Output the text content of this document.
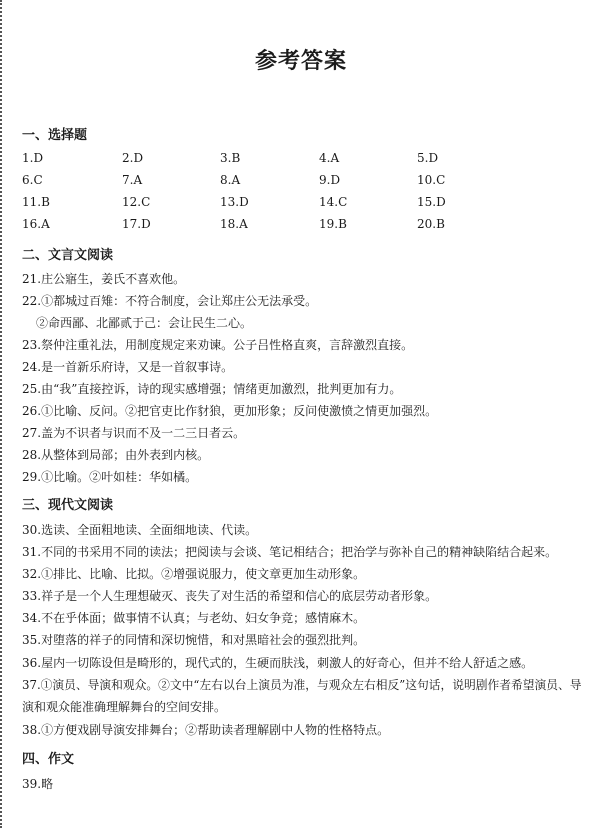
参考答案
一、选择题
1.D	2.D	3.B	4.A	5.D
6.C	7.A	8.A	9.D	10.C
11.B	12.C	13.D	14.C	15.D
16.A	17.D	18.A	19.B	20.B
二、文言文阅读
21.庄公寤生，姜氏不喜欢他。
22.①都城过百雉：不符合制度，会让郑庄公无法承受。
②命西鄙、北鄙贰于己：会让民生二心。
23.祭仲注重礼法，用制度规定来劝谏。公子吕性格直爽，言辞激烈直接。
24.是一首新乐府诗，又是一首叙事诗。
25.由“我”直接控诉，诗的现实感增强；情绪更加激烈，批判更加有力。
26.①比喻、反问。②把官吏比作豺狼，更加形象；反问使激愤之情更加强烈。
27.盖为不识者与识而不及一二三日者云。
28.从整体到局部；由外表到内核。
29.①比喻。②叶如桂：华如橘。
三、现代文阅读
30.选读、全面粗地读、全面细地读、代读。
31.不同的书采用不同的读法；把阅读与会谈、笔记相结合；把治学与弥补自己的精神缺陷结合起来。
32.①排比、比喻、比拟。②增强说服力，使文章更加生动形象。
33.祥子是一个人生理想破灭、丧失了对生活的希望和信心的底层劳动者形象。
34.不在乎体面；做事情不认真；与老幼、妇女争竞；感情麻木。
35.对堕落的祥子的同情和深切惋惜，和对黑暗社会的强烈批判。
36.屋内一切陈设但是畸形的，现代式的，生硬而肤浅，刺激人的好奇心，但并不给人舒适之感。
37.①演员、导演和观众。②文中“左右以台上演员为准，与观众左右相反”这句话，说明剧作者希望演员、导
演和观众能准确理解舞台的空间安排。
38.①方便戏剧导演安排舞台；②帮助读者理解剧中人物的性格特点。
四、作文
39.略
